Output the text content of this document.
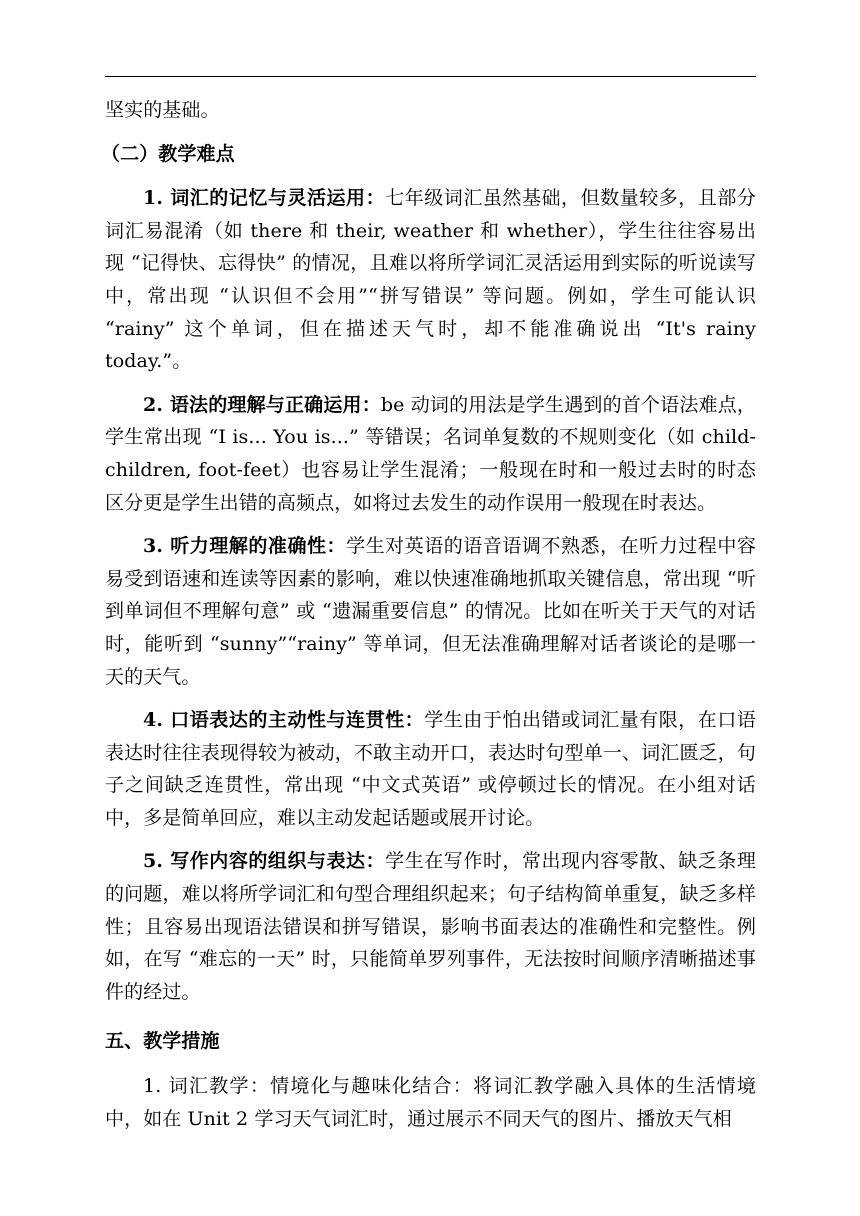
坚实的基础。

（二）教学难点

1. 词汇的记忆与灵活运用：七年级词汇虽然基础，但数量较多，且部分词汇易混淆（如 there 和 their, weather 和 whether），学生往往容易出现 “记得快、忘得快” 的情况，且难以将所学词汇灵活运用到实际的听说读写中，常出现 “认识但不会用”“拼写错误” 等问题。例如，学生可能认识 “rainy” 这个单词，但在描述天气时，却不能准确说出 “It's rainy today.”。

2. 语法的理解与正确运用：be 动词的用法是学生遇到的首个语法难点，学生常出现 “I is... You is...” 等错误；名词单复数的不规则变化（如 child-children, foot-feet）也容易让学生混淆；一般现在时和一般过去时的时态区分更是学生出错的高频点，如将过去发生的动作误用一般现在时表达。

3. 听力理解的准确性：学生对英语的语音语调不熟悉，在听力过程中容易受到语速和连读等因素的影响，难以快速准确地抓取关键信息，常出现 “听到单词但不理解句意” 或 “遗漏重要信息” 的情况。比如在听关于天气的对话时，能听到 “sunny”“rainy” 等单词，但无法准确理解对话者谈论的是哪一天的天气。

4. 口语表达的主动性与连贯性：学生由于怕出错或词汇量有限，在口语表达时往往表现得较为被动，不敢主动开口，表达时句型单一、词汇匮乏，句子之间缺乏连贯性，常出现 “中文式英语” 或停顿过长的情况。在小组对话中，多是简单回应，难以主动发起话题或展开讨论。

5. 写作内容的组织与表达：学生在写作时，常出现内容零散、缺乏条理的问题，难以将所学词汇和句型合理组织起来；句子结构简单重复，缺乏多样性；且容易出现语法错误和拼写错误，影响书面表达的准确性和完整性。例如，在写 “难忘的一天” 时，只能简单罗列事件，无法按时间顺序清晰描述事件的经过。

五、教学措施

1. 词汇教学：情境化与趣味化结合：将词汇教学融入具体的生活情境中，如在 Unit 2 学习天气词汇时，通过展示不同天气的图片、播放天气相
